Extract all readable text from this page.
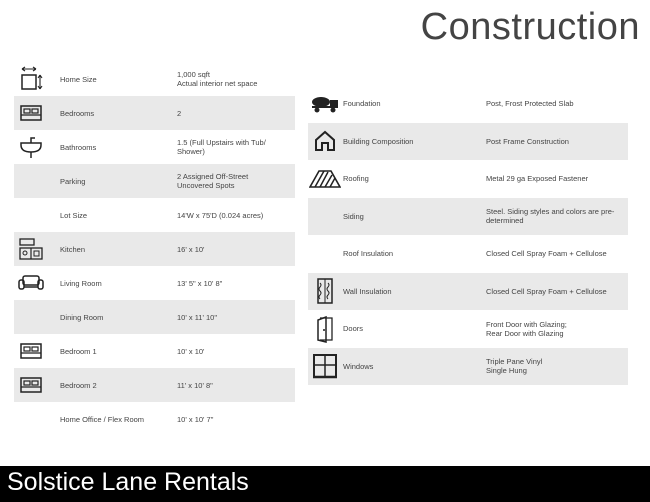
Construction
Home Size	1,000 sqft
Actual interior net space
Bedrooms	2
Bathrooms	1.5 (Full Upstairs with Tub/
Shower)
Parking	2 Assigned Off-Street
Uncovered Spots
Lot Size	14'W x 75'D (0.024 acres)
Kitchen	16' x 10'
Living Room	13' 5" x 10' 8"
Dining Room	10' x 11' 10"
Bedroom 1	10' x 10'
Bedroom 2	11' x 10' 8"
Home Office / Flex Room	10' x 10' 7"
Foundation	Post, Frost Protected Slab
Building Composition	Post Frame Construction
Roofing	Metal 29 ga Exposed Fastener
Siding	Steel. Siding styles and colors are pre-
determined
Roof Insulation	Closed Cell Spray Foam + Cellulose
Wall Insulation	Closed Cell Spray Foam + Cellulose
Doors	Front Door with Glazing;
Rear Door with Glazing
Windows	Triple Pane Vinyl
Single Hung
Solstice Lane Rentals
